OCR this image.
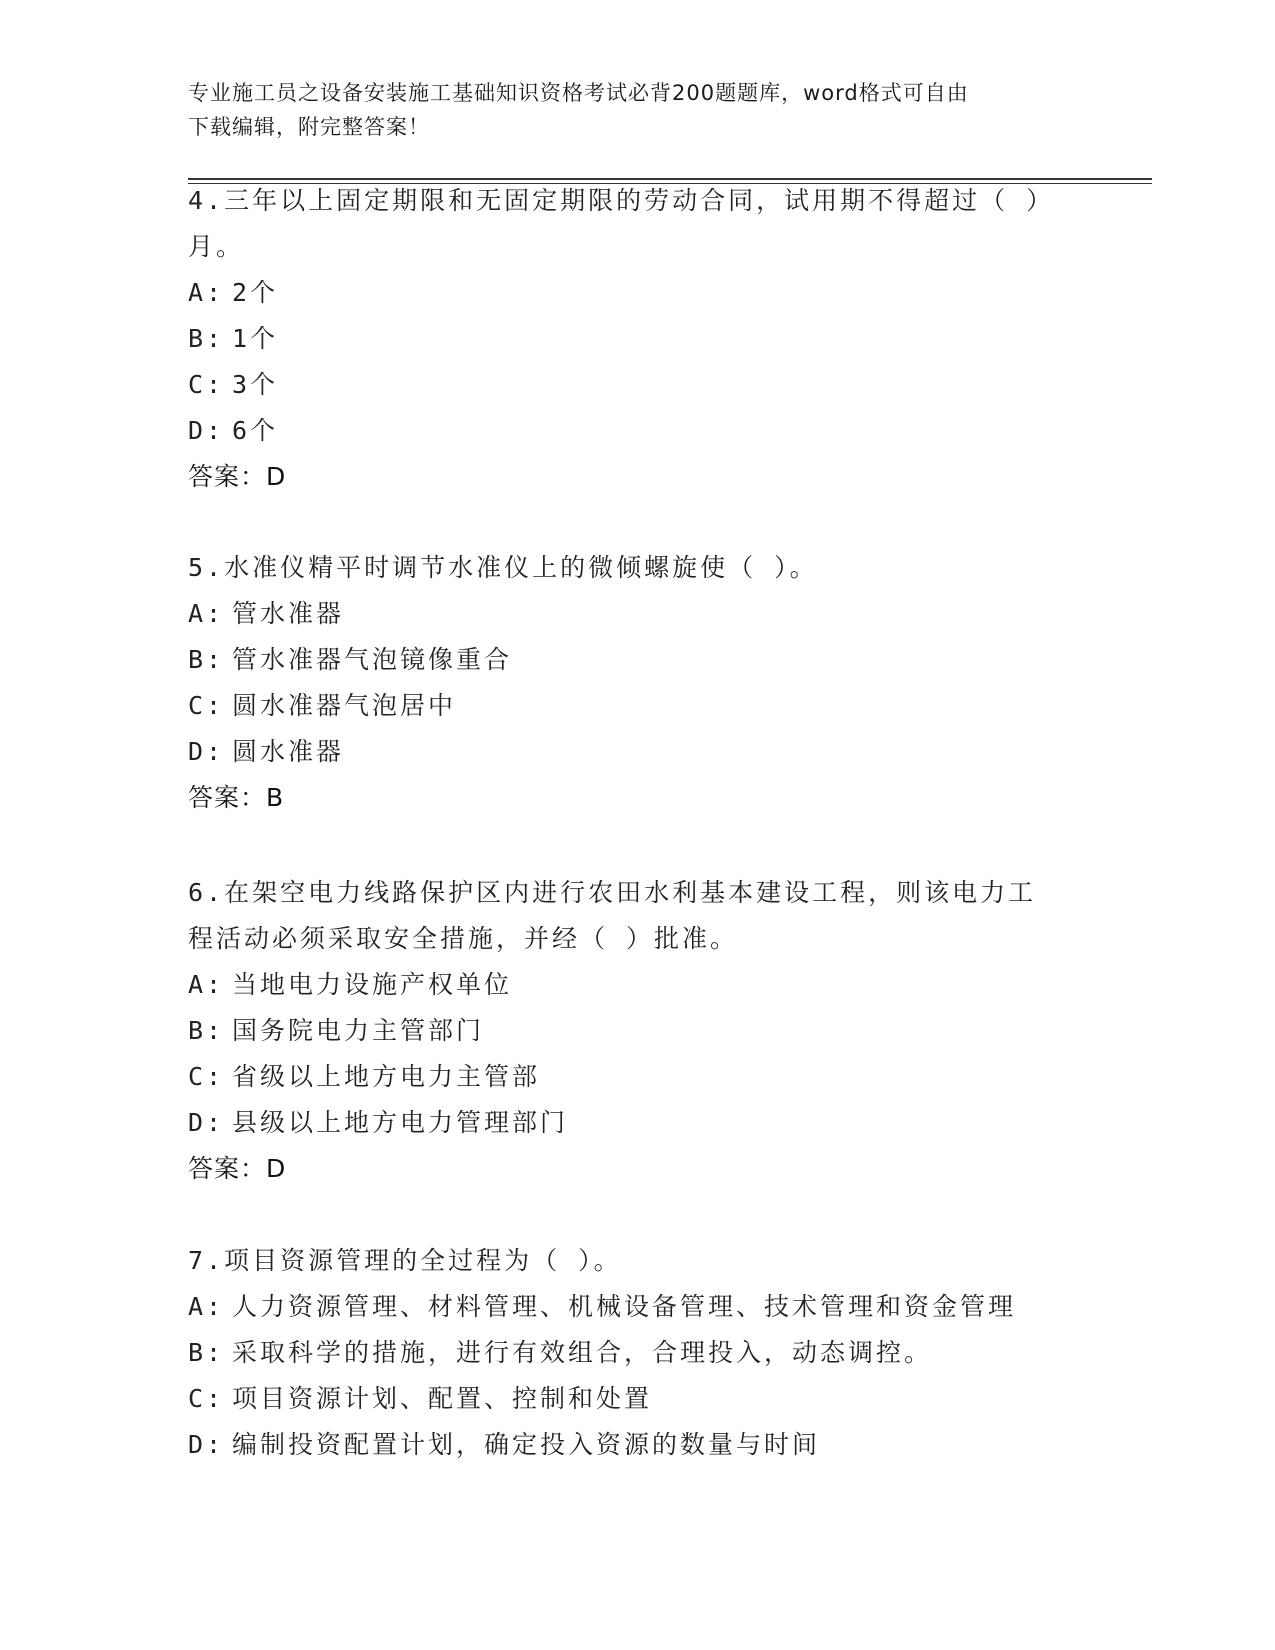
专业施工员之设备安装施工基础知识资格考试必背200题题库，word格式可自由
下载编辑，附完整答案！
4.三年以上固定期限和无固定期限的劳动合同，试用期不得超过（ ）
月。
A: 2个
B: 1个
C: 3个
D: 6个
答案：D
5.水准仪精平时调节水准仪上的微倾螺旋使（ ）。
A: 管水准器
B: 管水准器气泡镜像重合
C: 圆水准器气泡居中
D: 圆水准器
答案：B
6.在架空电力线路保护区内进行农田水利基本建设工程，则该电力工
程活动必须采取安全措施，并经（ ）批准。
A: 当地电力设施产权单位
B: 国务院电力主管部门
C: 省级以上地方电力主管部
D: 县级以上地方电力管理部门
答案：D
7.项目资源管理的全过程为（ ）。
A: 人力资源管理、材料管理、机械设备管理、技术管理和资金管理
B: 采取科学的措施，进行有效组合，合理投入，动态调控。
C: 项目资源计划、配置、控制和处置
D: 编制投资配置计划，确定投入资源的数量与时间
